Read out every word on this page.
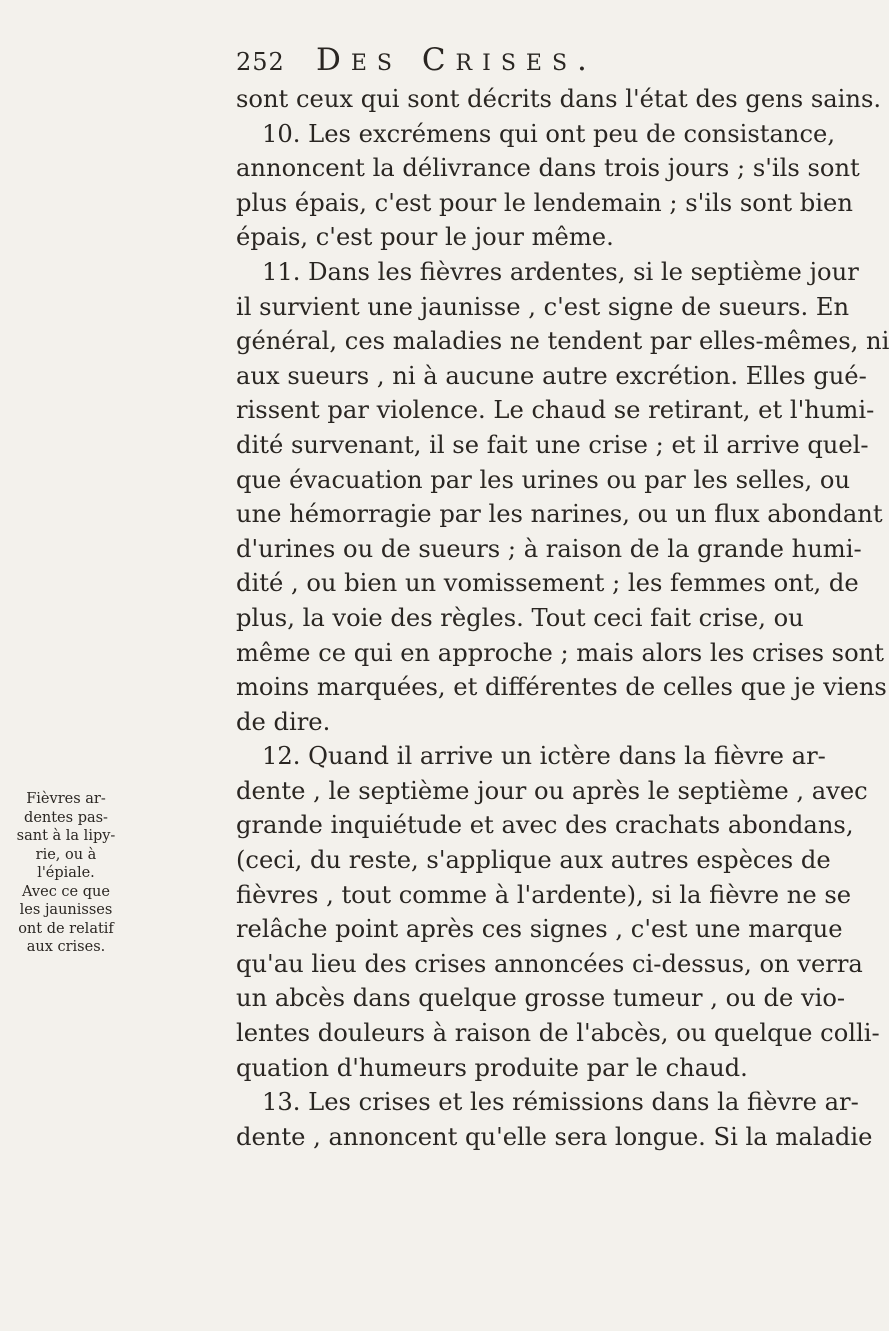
252 Des Crises.
sont ceux qui sont décrits dans l'état des gens sains.
10. Les excrémens qui ont peu de consistance,
annoncent la délivrance dans trois jours ; s'ils sont
plus épais, c'est pour le lendemain ; s'ils sont bien
épais, c'est pour le jour même.
11. Dans les fièvres ardentes, si le septième jour
il survient une jaunisse , c'est signe de sueurs. En
général, ces maladies ne tendent par elles-mêmes, ni
aux sueurs , ni à aucune autre excrétion. Elles gué-
rissent par violence. Le chaud se retirant, et l'humi-
dité survenant, il se fait une crise ; et il arrive quel-
que évacuation par les urines ou par les selles, ou
une hémorragie par les narines, ou un flux abondant
d'urines ou de sueurs ; à raison de la grande humi-
dité , ou bien un vomissement ; les femmes ont, de
plus, la voie des règles. Tout ceci fait crise, ou
même ce qui en approche ; mais alors les crises sont
moins marquées, et différentes de celles que je viens
de dire.
12. Quand il arrive un ictère dans la fièvre ar-
dente , le septième jour ou après le septième , avec
grande inquiétude et avec des crachats abondans,
(ceci, du reste, s'applique aux autres espèces de
fièvres , tout comme à l'ardente), si la fièvre ne se
relâche point après ces signes , c'est une marque
qu'au lieu des crises annoncées ci-dessus, on verra
un abcès dans quelque grosse tumeur , ou de vio-
lentes douleurs à raison de l'abcès, ou quelque colli-
quation d'humeurs produite par le chaud.
13. Les crises et les rémissions dans la fièvre ar-
dente , annoncent qu'elle sera longue. Si la maladie
Fièvres ar-
dentes pas-
sant à la lipy-
rie, ou à
l'épiale.
Avec ce que
les jaunisses
ont de relatif
aux crises.
